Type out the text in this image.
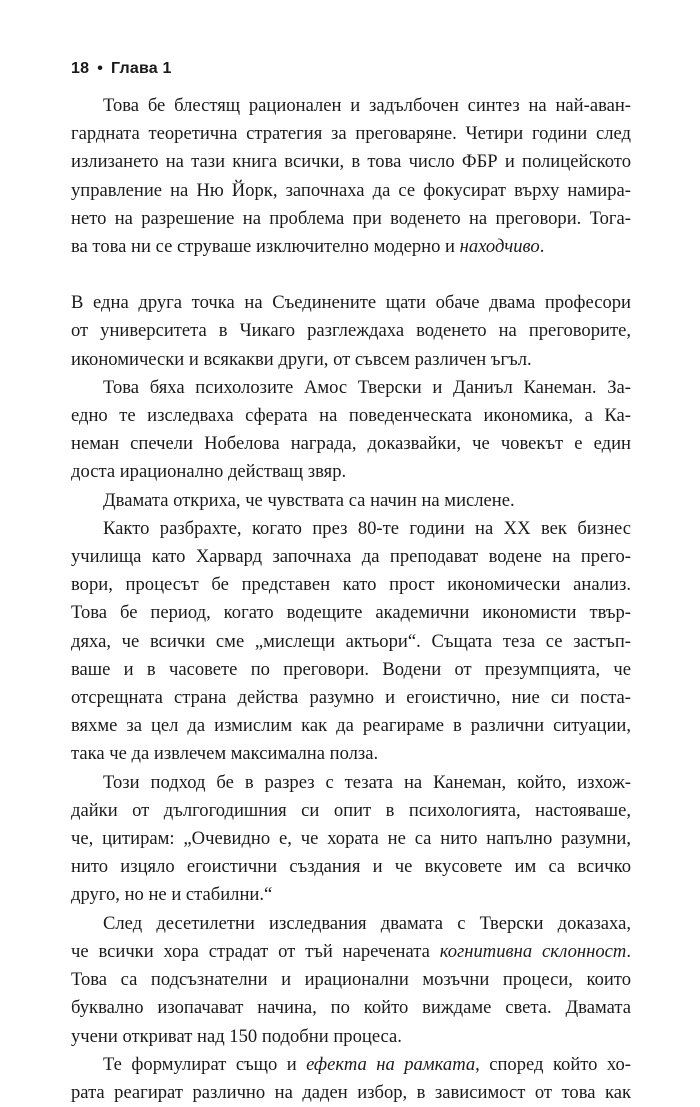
18 • Глава 1

Това бе блестящ рационален и задълбочен синтез на най-аван-
гардната теоретична стратегия за преговаряне. Четири години след
излизането на тази книга всички, в това число ФБР и полицейското
управление на Ню Йорк, започнаха да се фокусират върху намира-
нето на разрешение на проблема при воденето на преговори. Тога-
ва това ни се струваше изключително модерно и находчиво.

В една друга точка на Съединените щати обаче двама професори
от университета в Чикаго разглеждаха воденето на преговорите,
икономически и всякакви други, от съвсем различен ъгъл.

Това бяха психолозите Амос Тверски и Даниъл Канеман. За-
едно те изследваха сферата на поведенческата икономика, а Ка-
неман спечели Нобелова награда, доказвайки, че човекът е един
доста ирационално действащ звяр.

Двамата откриха, че чувствата са начин на мислене.

Както разбрахте, когато през 80-те години на XX век бизнес
училища като Харвард започнаха да преподават водене на прего-
вори, процесът бе представен като прост икономически анализ.
Това бе период, когато водещите академични икономисти твър-
дяха, че всички сме „мислещи актьори“. Същата теза се застъп-
ваше и в часовете по преговори. Водени от презумпцията, че
отсрещната страна действа разумно и егоистично, ние си поста-
вяхме за цел да измислим как да реагираме в различни ситуации,
така че да извлечем максимална полза.

Този подход бе в разрез с тезата на Канеман, който, изхож-
дайки от дългогодишния си опит в психологията, настояваше,
че, цитирам: „Очевидно е, че хората не са нито напълно разумни,
нито изцяло егоистични създания и че вкусовете им са всичко
друго, но не и стабилни.“

След десетилетни изследвания двамата с Тверски доказаха,
че всички хора страдат от тъй наречената когнитивна склонност.
Това са подсъзнателни и ирационални мозъчни процеси, които
буквално изопачават начина, по който виждаме света. Двамата
учени откриват над 150 подобни процеса.

Те формулират също и ефекта на рамката, според който хо-
рата реагират различно на даден избор, в зависимост от това как
